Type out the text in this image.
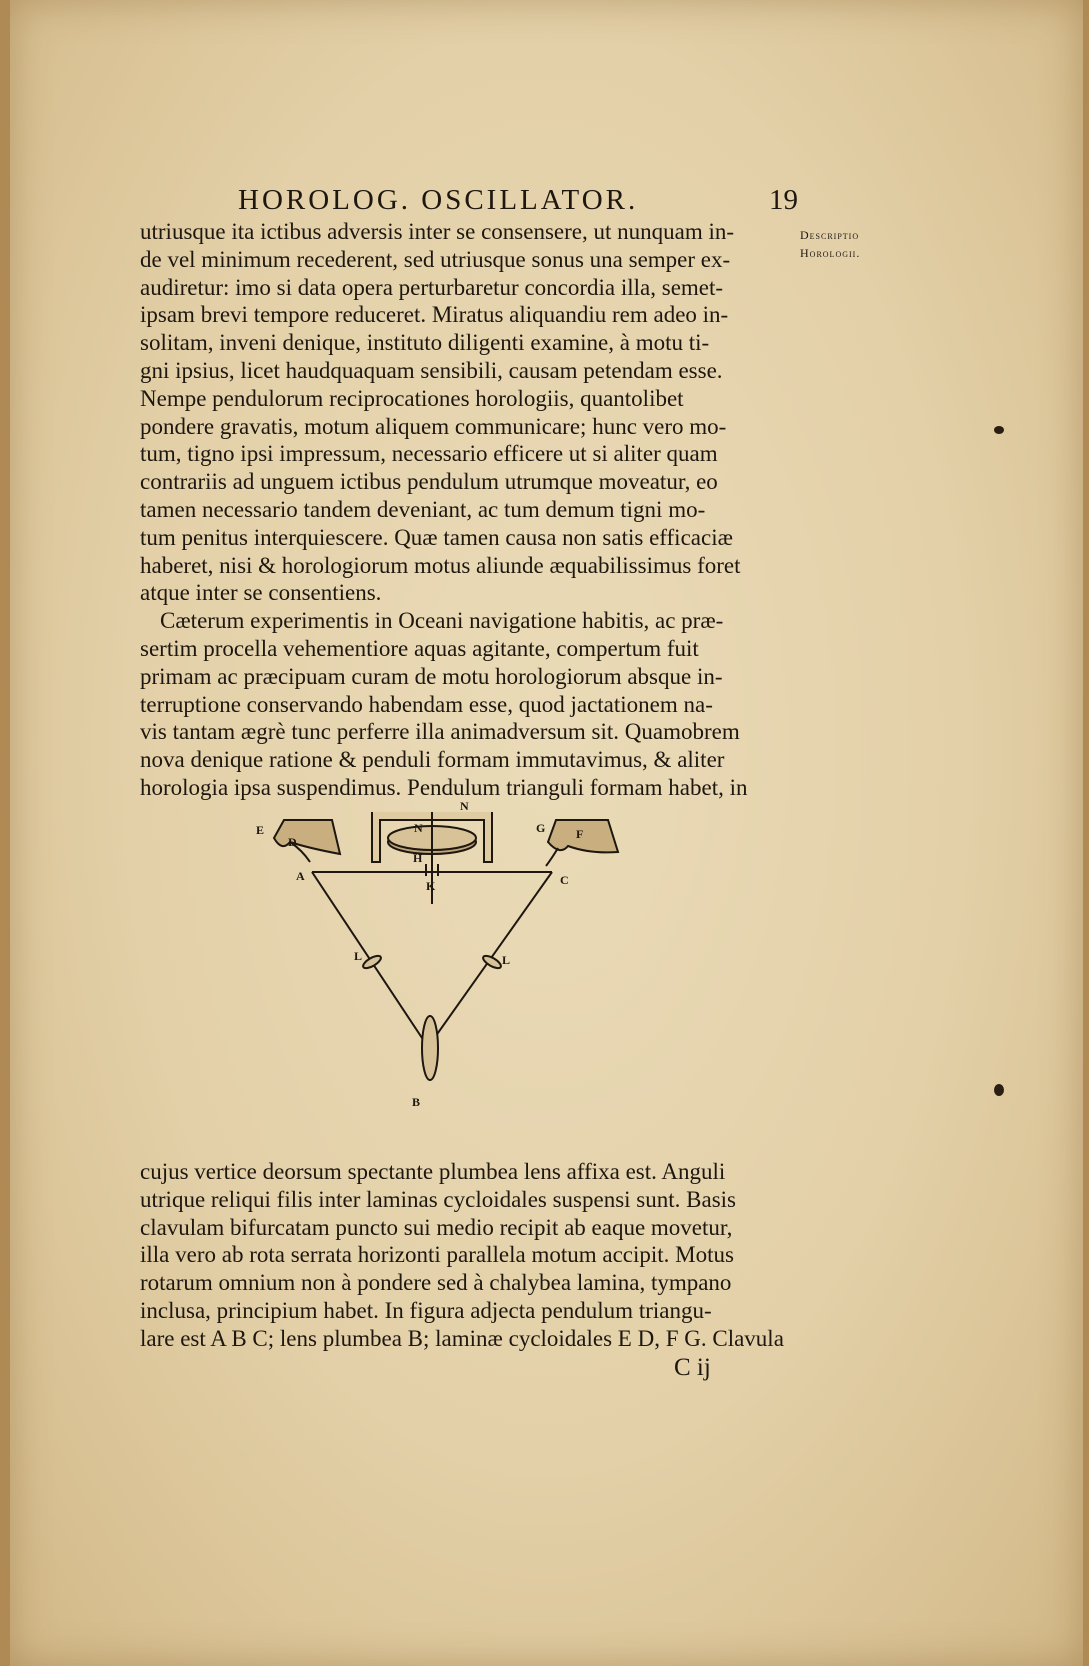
HOROLOG. OSCILLATOR.	19
Descriptio
Horologii.
utriusque ita ictibus adversis inter se consensere, ut nunquam in-
de vel minimum recederent, sed utriusque sonus una semper ex-
audiretur: imo si data opera perturbaretur concordia illa, semet-
ipsam brevi tempore reduceret. Miratus aliquandiu rem adeo in-
solitam, inveni denique, instituto diligenti examine, à motu ti-
gni ipsius, licet haudquaquam sensibili, causam petendam esse.
Nempe pendulorum reciprocationes horologiis, quantolibet
pondere gravatis, motum aliquem communicare; hunc vero mo-
tum, tigno ipsi impressum, necessario efficere ut si aliter quam
contrariis ad unguem ictibus pendulum utrumque moveatur, eo
tamen necessario tandem deveniant, ac tum demum tigni mo-
tum penitus interquiescere. Quæ tamen causa non satis efficaciæ
haberet, nisi & horologiorum motus aliunde æquabilissimus foret
atque inter se consentiens.
Cæterum experimentis in Oceani navigatione habitis, ac præ-
sertim procella vehementiore aquas agitante, compertum fuit
primam ac præcipuam curam de motu horologiorum absque in-
terruptione conservando habendam esse, quod jactationem na-
vis tantam ægrè tunc perferre illa animadversum sit. Quamobrem
nova denique ratione & penduli formam immutavimus, & aliter
horologia ipsa suspendimus. Pendulum trianguli formam habet, in
N
N
H
E
D
G	F
A
K	C
L	L
B
cujus vertice deorsum spectante plumbea lens affixa est. Anguli
utrique reliqui filis inter laminas cycloidales suspensi sunt. Basis
clavulam bifurcatam puncto sui medio recipit ab eaque movetur,
illa vero ab rota serrata horizonti parallela motum accipit. Motus
rotarum omnium non à pondere sed à chalybea lamina, tympano
inclusa, principium habet. In figura adjecta pendulum triangu-
lare est A B C; lens plumbea B; laminæ cycloidales E D, F G. Clavula
C ij
